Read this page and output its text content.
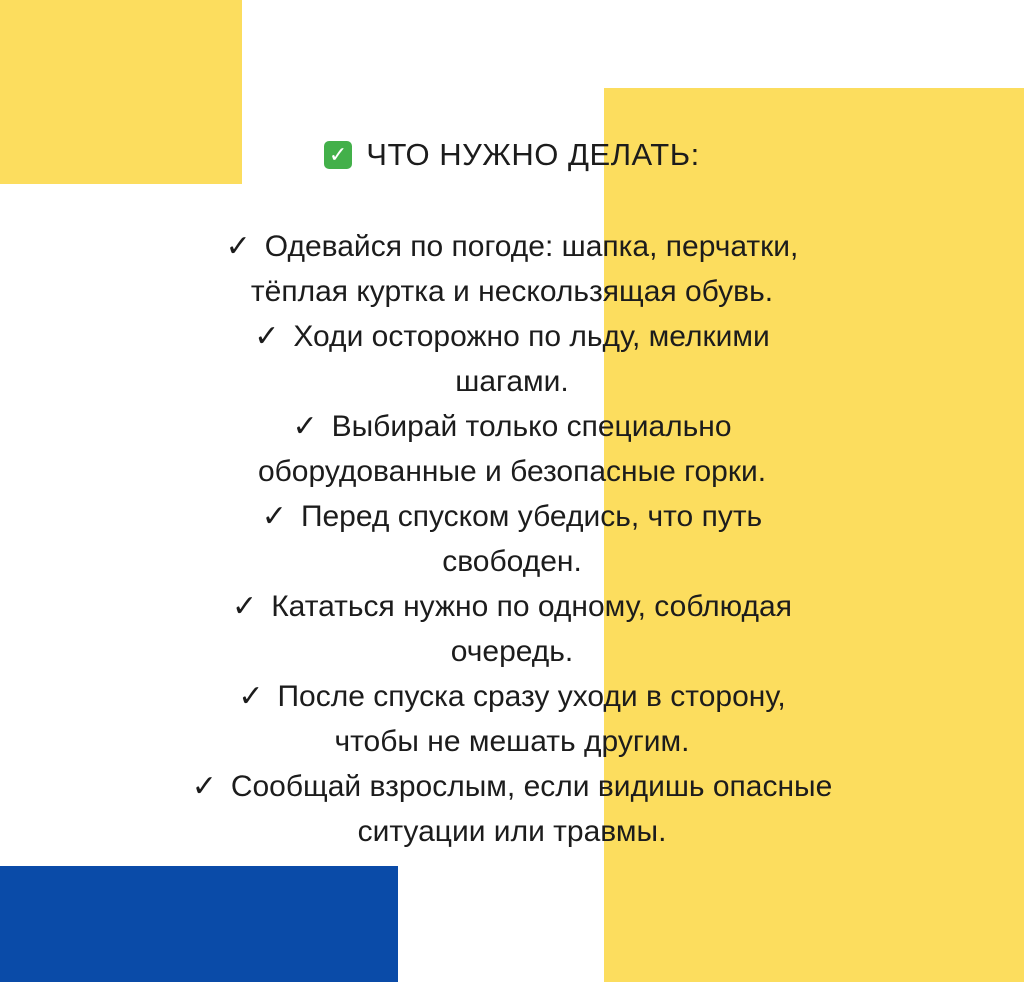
✓ ЧТО НУЖНО ДЕЛАТЬ:
✓ Одевайся по погоде: шапка, перчатки,
тёплая куртка и нескользящая обувь.
✓ Ходи осторожно по льду, мелкими
шагами.
✓ Выбирай только специально
оборудованные и безопасные горки.
✓ Перед спуском убедись, что путь
свободен.
✓ Кататься нужно по одному, соблюдая
очередь.
✓ После спуска сразу уходи в сторону,
чтобы не мешать другим.
✓ Сообщай взрослым, если видишь опасные
ситуации или травмы.
